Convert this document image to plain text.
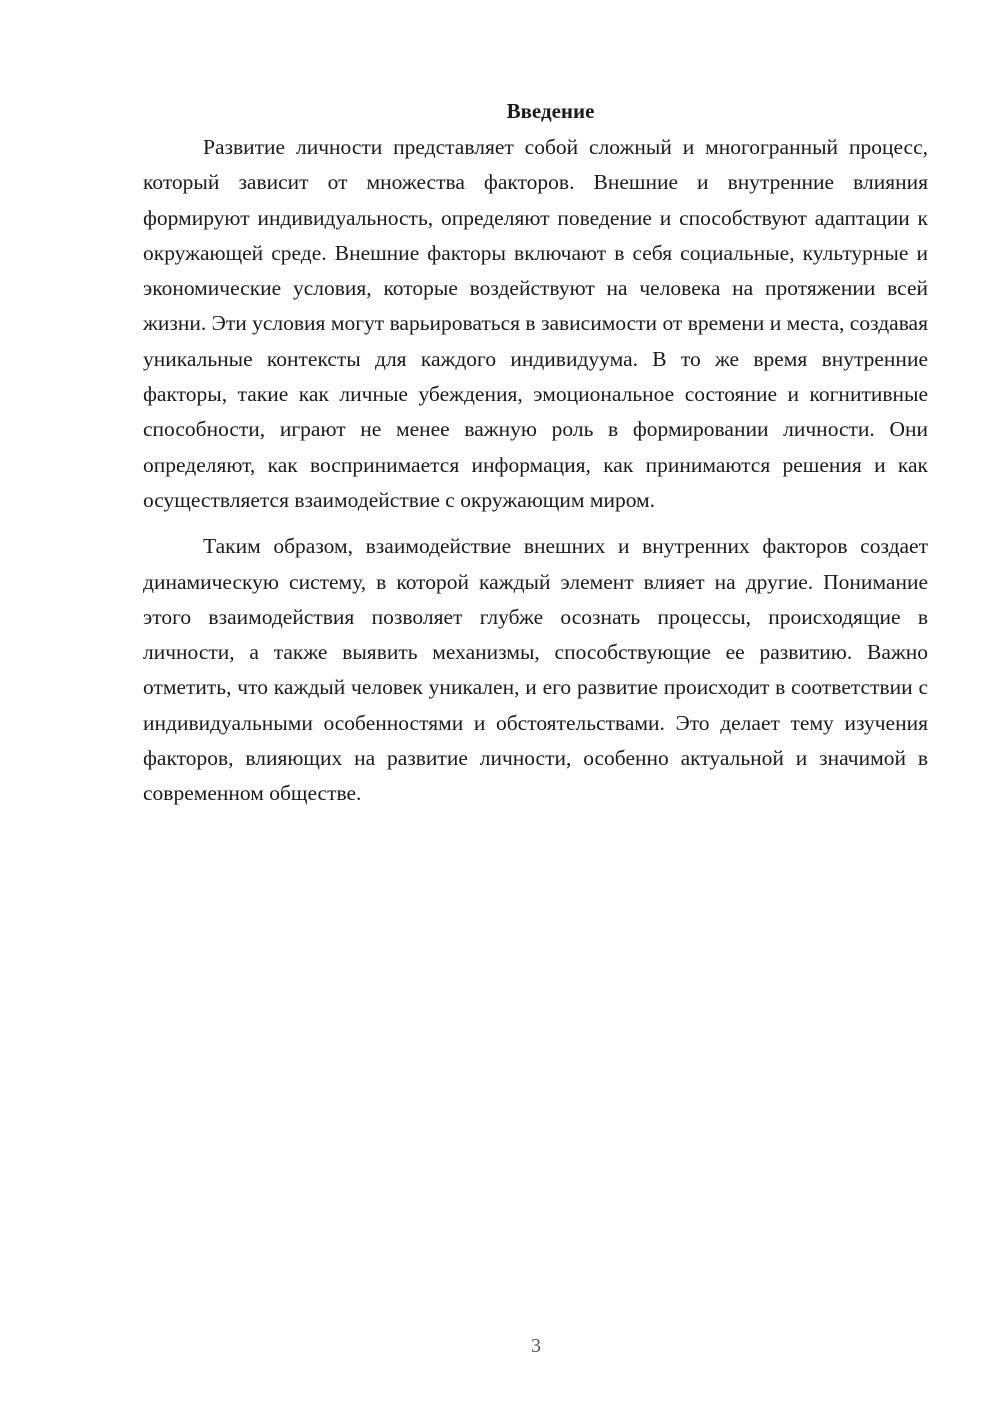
Введение

Развитие личности представляет собой сложный и многогранный процесс, который зависит от множества факторов. Внешние и внутренние влияния формируют индивидуальность, определяют поведение и способствуют адаптации к окружающей среде. Внешние факторы включают в себя социальные, культурные и экономические условия, которые воздействуют на человека на протяжении всей жизни. Эти условия могут варьироваться в зависимости от времени и места, создавая уникальные контексты для каждого индивидуума. В то же время внутренние факторы, такие как личные убеждения, эмоциональное состояние и когнитивные способности, играют не менее важную роль в формировании личности. Они определяют, как воспринимается информация, как принимаются решения и как осуществляется взаимодействие с окружающим миром.

Таким образом, взаимодействие внешних и внутренних факторов создает динамическую систему, в которой каждый элемент влияет на другие. Понимание этого взаимодействия позволяет глубже осознать процессы, происходящие в личности, а также выявить механизмы, способствующие ее развитию. Важно отметить, что каждый человек уникален, и его развитие происходит в соответствии с индивидуальными особенностями и обстоятельствами. Это делает тему изучения факторов, влияющих на развитие личности, особенно актуальной и значимой в современном обществе.

3
